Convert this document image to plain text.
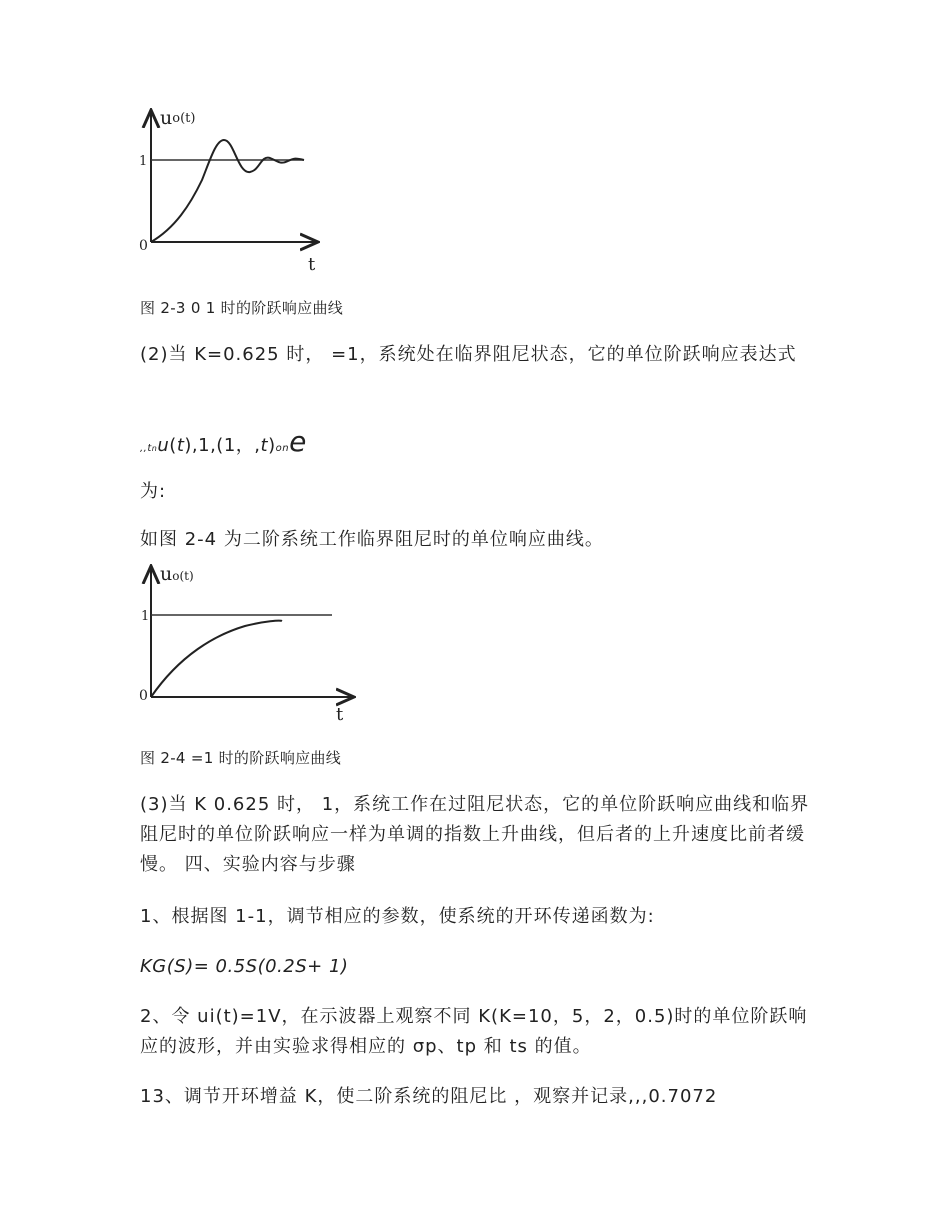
uo(t)
1
0
t
图 2-3 0 1 时的阶跃响应曲线
(2)当 K=0.625 时， =1，系统处在临界阻尼状态，它的单位阶跃响应表达式
,,tnu(t),1,(1，,t)one
为:
如图 2-4 为二阶系统工作临界阻尼时的单位响应曲线。
uo(t)
1
0
t
图 2-4 =1 时的阶跃响应曲线
(3)当 K 0.625 时， 1，系统工作在过阻尼状态，它的单位阶跃响应曲线和临界阻尼时的单位阶跃响应一样为单调的指数上升曲线，但后者的上升速度比前者缓慢。 四、实验内容与步骤
1、根据图 1-1，调节相应的参数，使系统的开环传递函数为:
KG(S)= 0.5S(0.2S+ 1)
2、令 ui(t)=1V，在示波器上观察不同 K(K=10，5，2，0.5)时的单位阶跃响应的波形，并由实验求得相应的 σp、tp 和 ts 的值。
13、调节开环增益 K，使二阶系统的阻尼比 ，观察并记录,,,0.7072
